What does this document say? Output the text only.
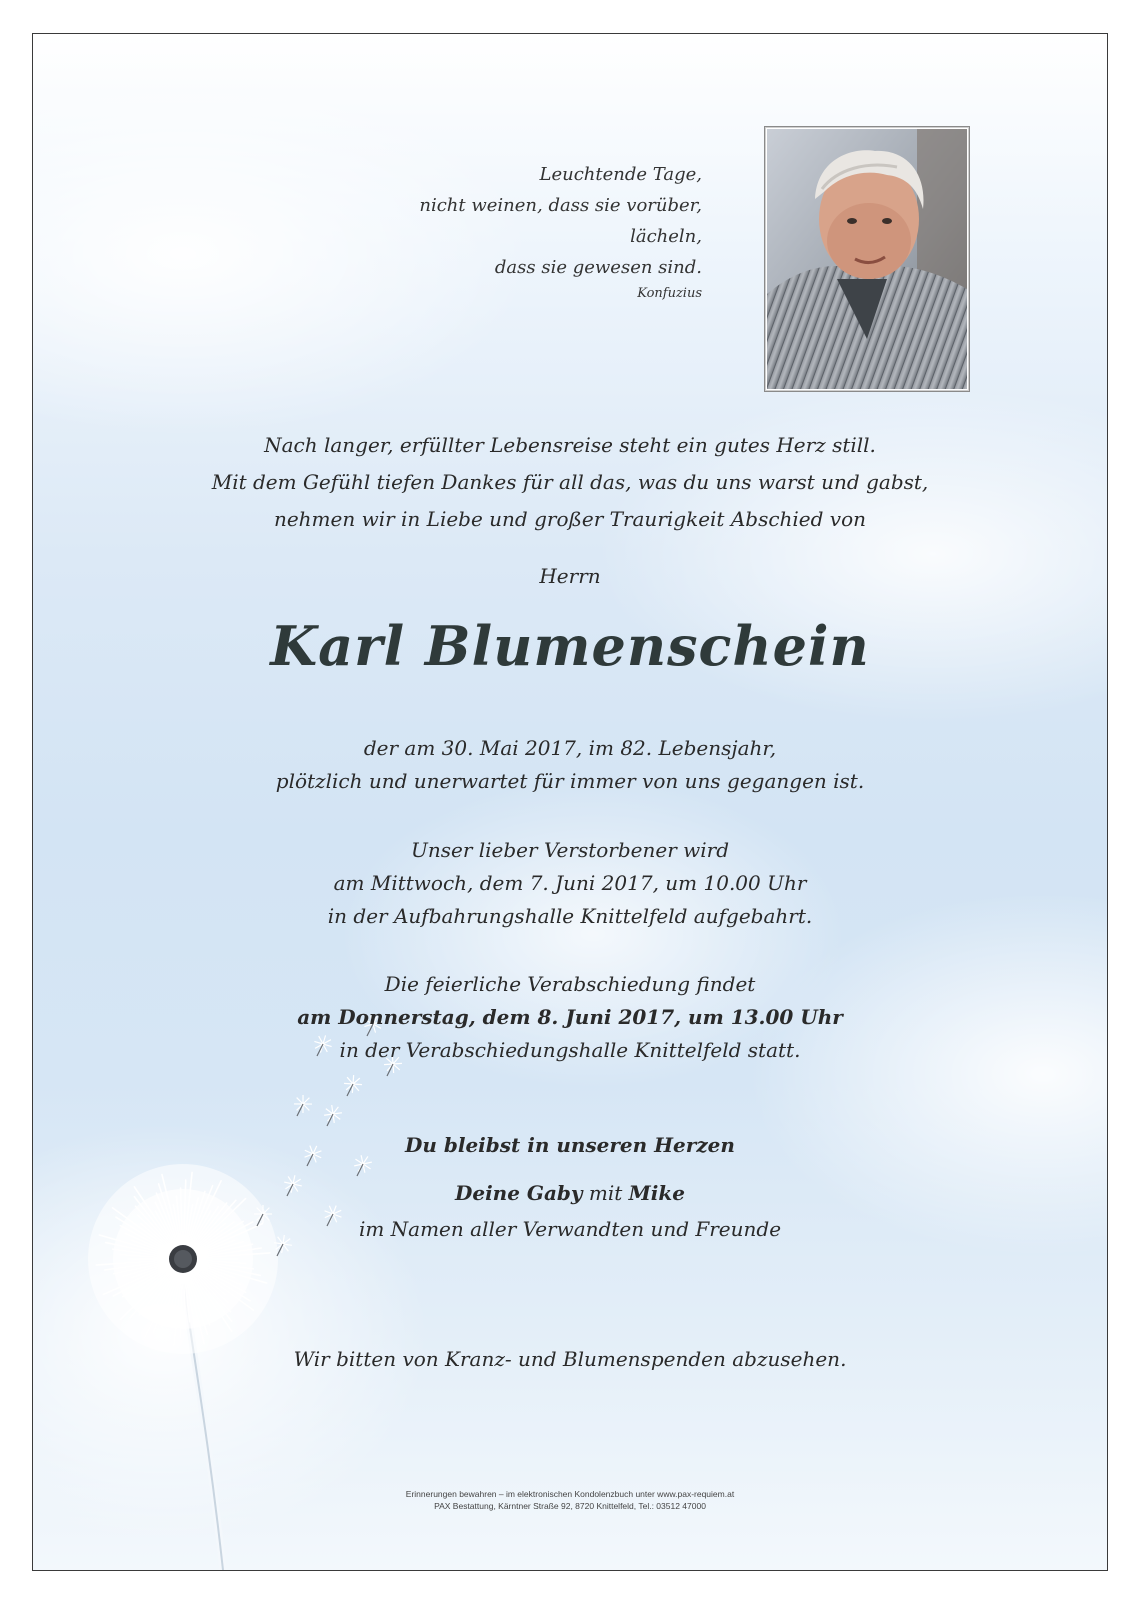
Leuchtende Tage,
nicht weinen, dass sie vorüber,
lächeln,
dass sie gewesen sind.
Konfuzius
Nach langer, erfüllter Lebensreise steht ein gutes Herz still.
Mit dem Gefühl tiefen Dankes für all das, was du uns warst und gabst,
nehmen wir in Liebe und großer Traurigkeit Abschied von
Herrn
Karl Blumenschein
der am 30. Mai 2017, im 82. Lebensjahr,
plötzlich und unerwartet für immer von uns gegangen ist.
Unser lieber Verstorbener wird
am Mittwoch, dem 7. Juni 2017, um 10.00 Uhr
in der Aufbahrungshalle Knittelfeld aufgebahrt.
Die feierliche Verabschiedung findet
am Donnerstag, dem 8. Juni 2017, um 13.00 Uhr
in der Verabschiedungshalle Knittelfeld statt.
Du bleibst in unseren Herzen
Deine Gaby mit Mike
im Namen aller Verwandten und Freunde
Wir bitten von Kranz- und Blumenspenden abzusehen.
Erinnerungen bewahren – im elektronischen Kondolenzbuch unter www.pax-requiem.at
PAX Bestattung, Kärntner Straße 92, 8720 Knittelfeld, Tel.: 03512 47000
